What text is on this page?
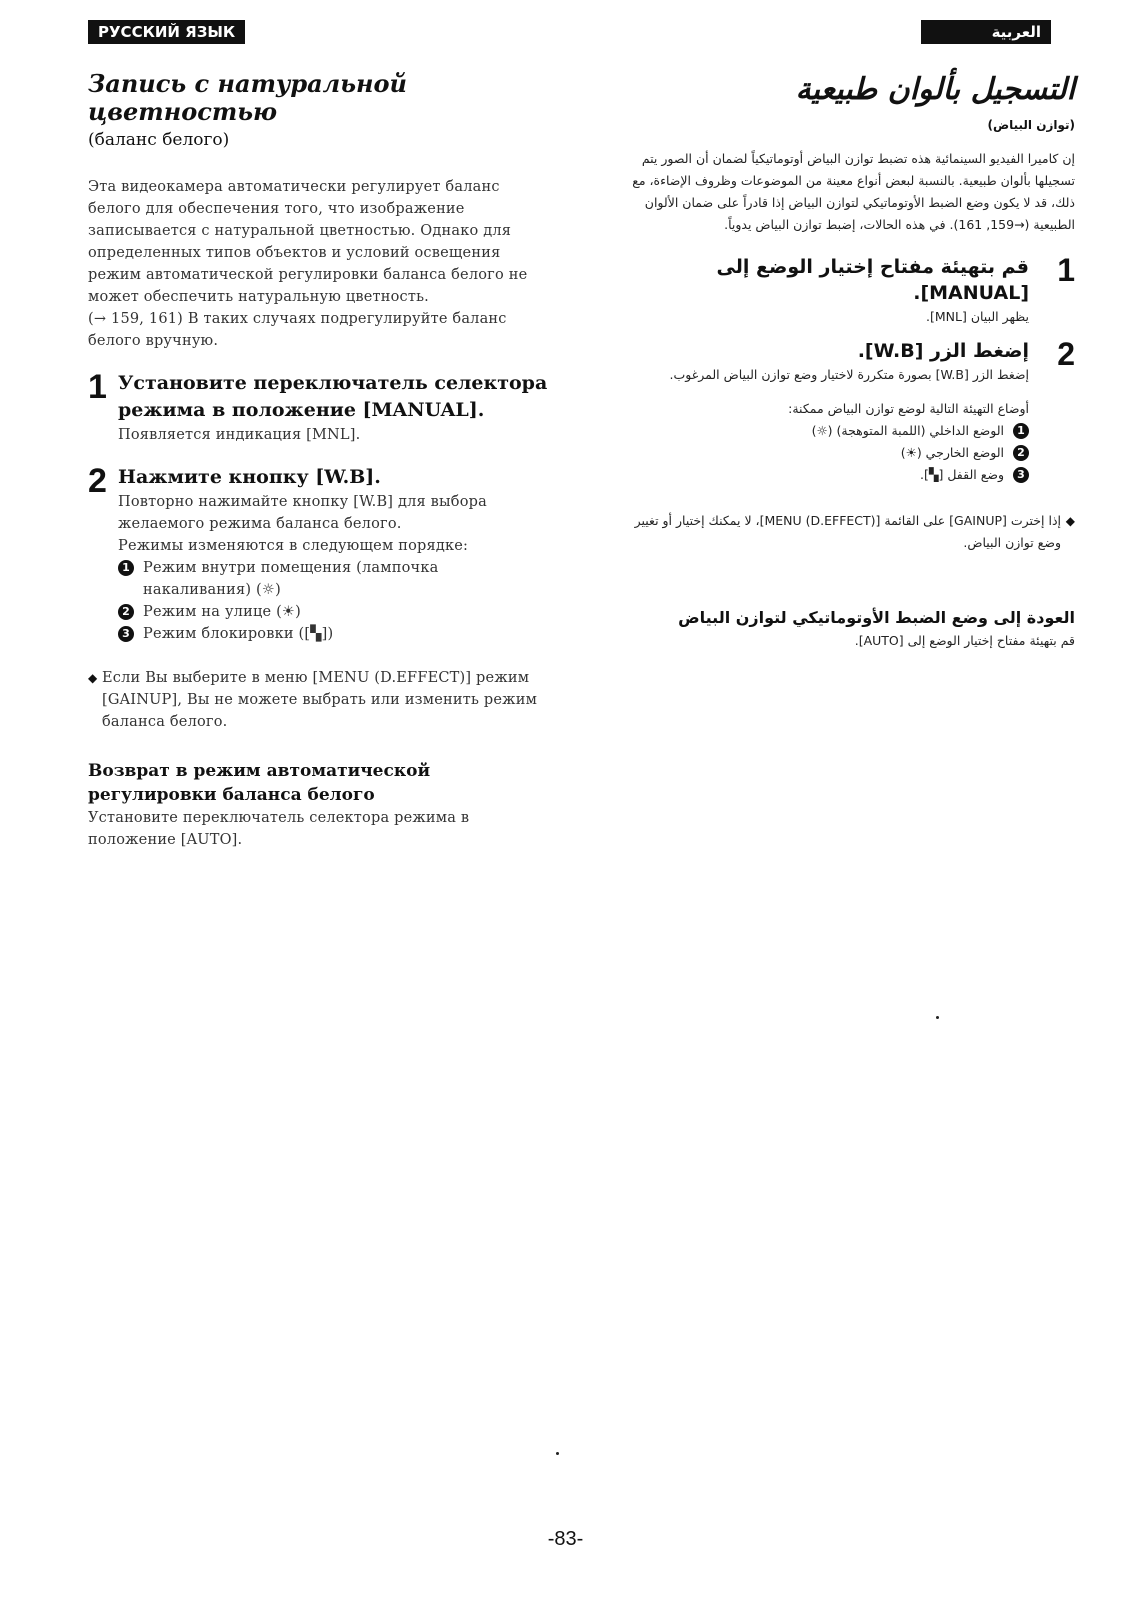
РУССКИЙ ЯЗЫК	العربية
Запись с натуральной цветностью
(баланс белого)
Эта видеокамера автоматически регулирует баланс белого для обеспечения того, что изображение записывается с натуральной цветностью. Однако для определенных типов объектов и условий освещения режим автоматической регулировки баланса белого не может обеспечить натуральную цветность.
(→ 159, 161) В таких случаях подрегулируйте баланс белого вручную.
1 Установите переключатель селектора режима в положение [MANUAL].
Появляется индикация [MNL].
2 Нажмите кнопку [W.B].
Повторно нажимайте кнопку [W.B] для выбора желаемого режима баланса белого.
Режимы изменяются в следующем порядке:
1 Режим внутри помещения (лампочка накаливания) (☼)
2 Режим на улице (☀)
3 Режим блокировки ([▚])
◆ Если Вы выберите в меню [MENU (D.EFFECT)] режим [GAINUP], Вы не можете выбрать или изменить режим баланса белого.
Возврат в режим автоматической регулировки баланса белого
Установите переключатель селектора режима в положение [AUTO].
التسجيل بألوان طبيعية
(توازن البياض)
إن كاميرا الفيديو السينمائية هذه تضبط توازن البياض أوتوماتيكياً لضمان أن الصور يتم تسجيلها بألوان طبيعية. بالنسبة لبعض أنواع معينة من الموضوعات وظروف الإضاءة، مع ذلك، قد لا يكون وضع الضبط الأوتوماتيكي لتوازن البياض إذا قادراً على ضمان الألوان الطبيعية (→159, 161). في هذه الحالات، إضبط توازن البياض يدوياً.
1
قم بتهيئة مفتاح إختيار الوضع إلى [MANUAL].
يظهر البيان [MNL].
2
إضغط الزر [W.B].
إضغط الزر [W.B] بصورة متكررة لاختيار وضع توازن البياض المرغوب.
أوضاع التهيئة التالية لوضع توازن البياض ممكنة:
1
الوضع الداخلي (اللمبة المتوهجة) (☼)
2
الوضع الخارجي (☀)
3
وضع القفل [▚].
◆
إذا إخترت [GAINUP] على القائمة [MENU (D.EFFECT)]، لا يمكنك إختيار أو تغيير وضع توازن البياض.
العودة إلى وضع الضبط الأوتوماتيكي لتوازن البياض
قم بتهيئة مفتاح إختيار الوضع إلى [AUTO].
-83-
